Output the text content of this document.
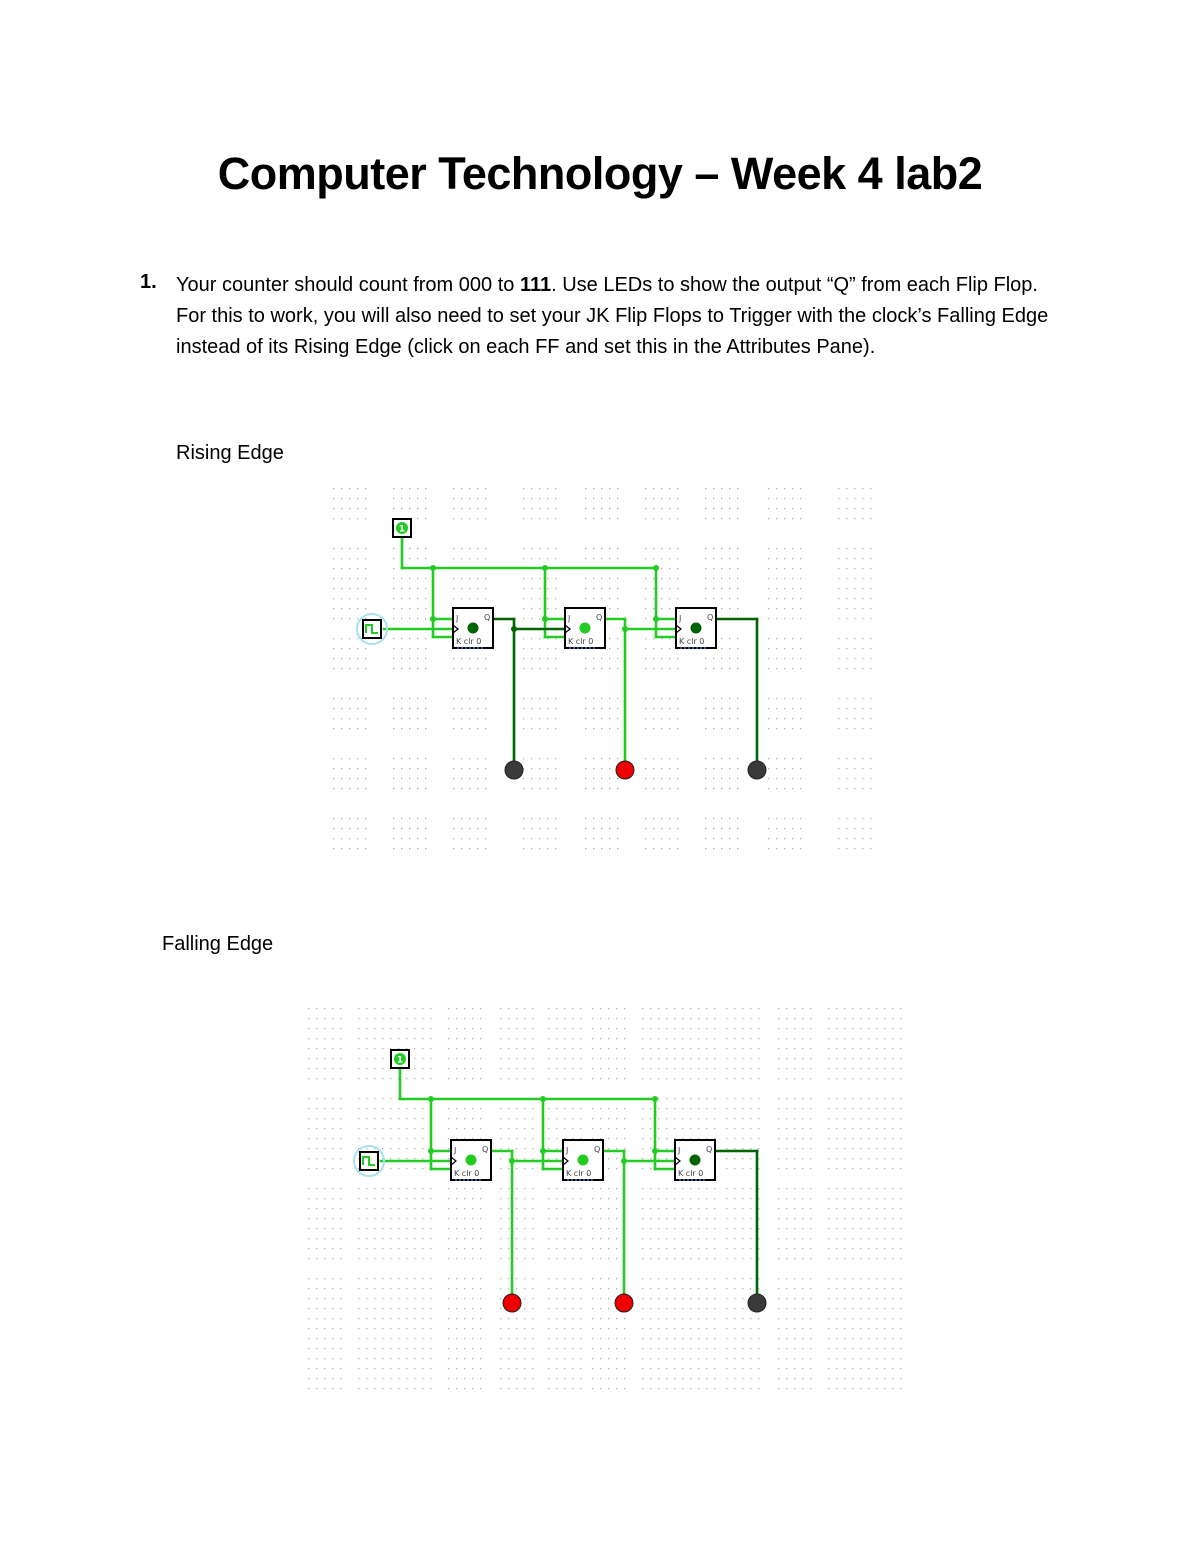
Computer Technology – Week 4 lab2
1. Your counter should count from 000 to 111. Use LEDs to show the output “Q” from each Flip Flop. For this to work, you will also need to set your JK Flip Flops to Trigger with the clock’s Falling Edge instead of its Rising Edge (click on each FF and set this in the Attributes Pane).

Rising Edge
Falling Edge
1
J	Q
K clr 0
J	Q
K clr 0
J	Q
K clr 0
1
J	Q
K clr 0
J	Q
K clr 0
J	Q
K clr 0
